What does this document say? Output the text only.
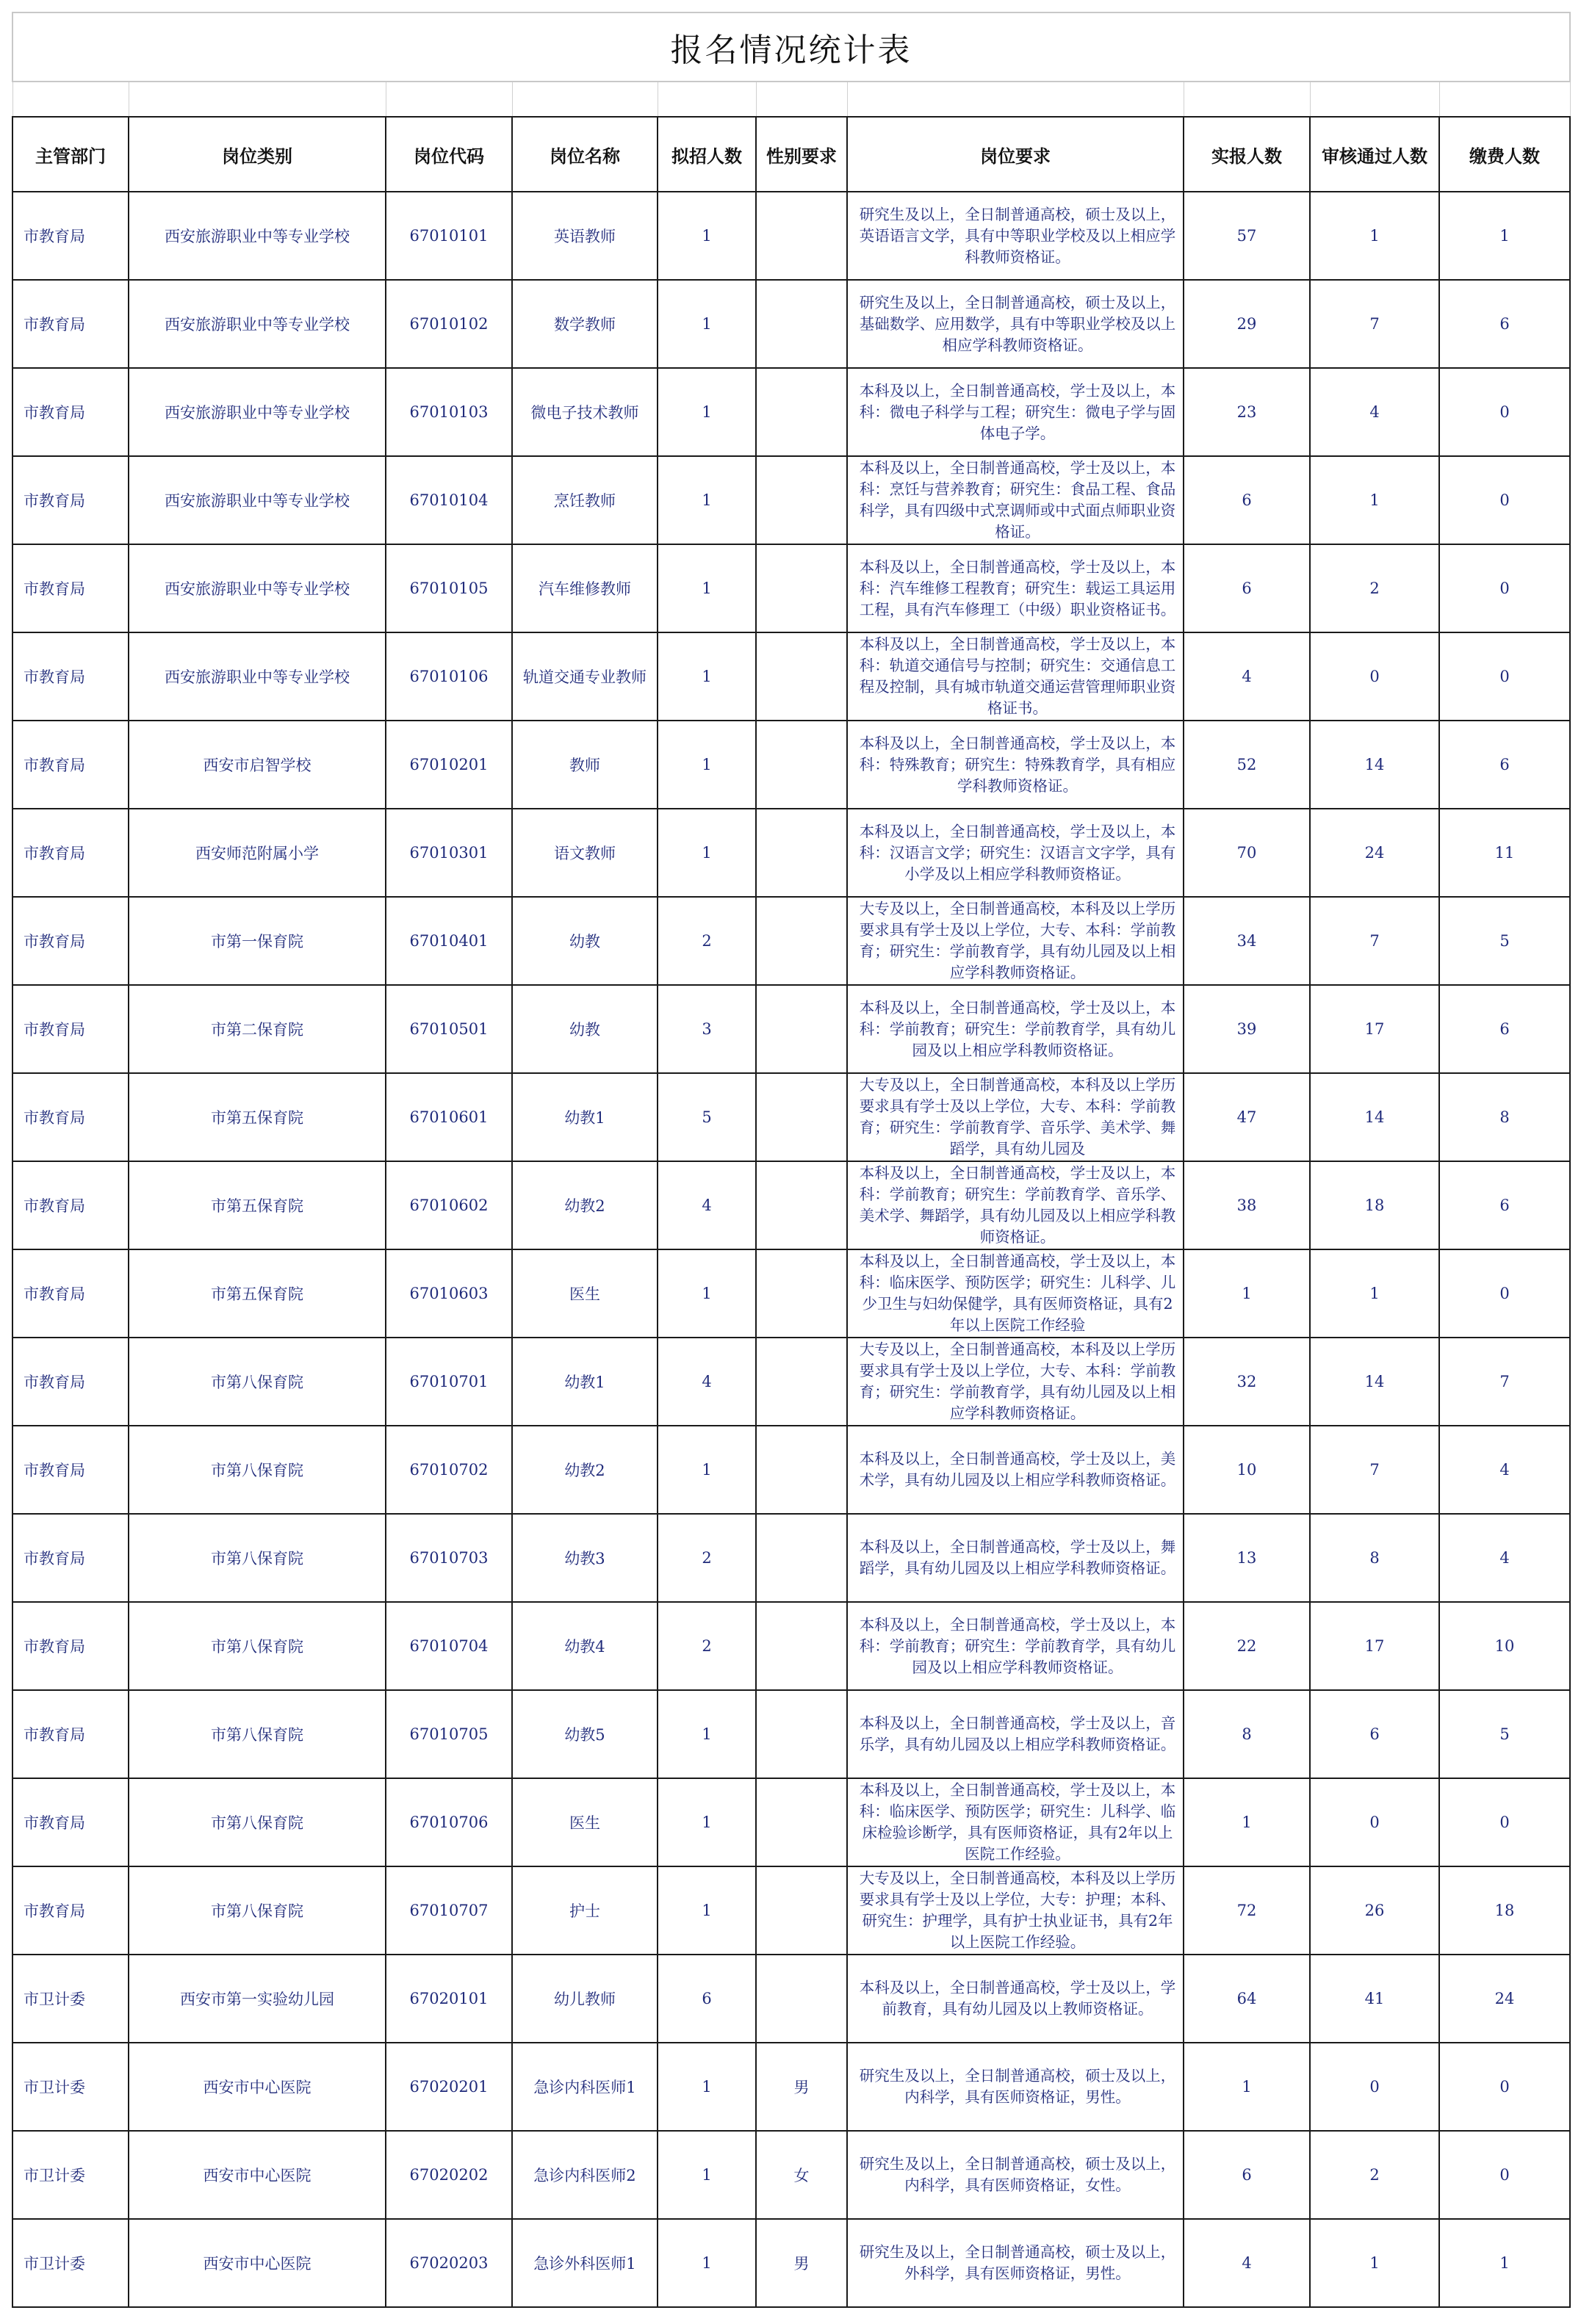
报名情况统计表									

主管部门	岗位类别	岗位代码	岗位名称	拟招人数	性别要求	岗位要求	实报人数	审核通过人数	缴费人数
市教育局	西安旅游职业中等专业学校	67010101	英语教师	1		研究生及以上，全日制普通高校，硕士及以上，英语语言文学，具有中等职业学校及以上相应学科教师资格证。	57	1	1
市教育局	西安旅游职业中等专业学校	67010102	数学教师	1		研究生及以上，全日制普通高校，硕士及以上，基础数学、应用数学，具有中等职业学校及以上相应学科教师资格证。	29	7	6
市教育局	西安旅游职业中等专业学校	67010103	微电子技术教师	1		本科及以上，全日制普通高校，学士及以上，本科：微电子科学与工程；研究生：微电子学与固体电子学。	23	4	0
市教育局	西安旅游职业中等专业学校	67010104	烹饪教师	1		本科及以上，全日制普通高校，学士及以上，本科：烹饪与营养教育；研究生：食品工程、食品科学，具有四级中式烹调师或中式面点师职业资格证。	6	1	0
市教育局	西安旅游职业中等专业学校	67010105	汽车维修教师	1		本科及以上，全日制普通高校，学士及以上，本科：汽车维修工程教育；研究生：载运工具运用工程，具有汽车修理工（中级）职业资格证书。	6	2	0
市教育局	西安旅游职业中等专业学校	67010106	轨道交通专业教师	1		本科及以上，全日制普通高校，学士及以上，本科：轨道交通信号与控制；研究生：交通信息工程及控制，具有城市轨道交通运营管理师职业资格证书。	4	0	0
市教育局	西安市启智学校	67010201	教师	1		本科及以上，全日制普通高校，学士及以上，本科：特殊教育；研究生：特殊教育学，具有相应学科教师资格证。	52	14	6
市教育局	西安师范附属小学	67010301	语文教师	1		本科及以上，全日制普通高校，学士及以上，本科：汉语言文学；研究生：汉语言文字学，具有小学及以上相应学科教师资格证。	70	24	11
市教育局	市第一保育院	67010401	幼教	2		大专及以上，全日制普通高校，本科及以上学历要求具有学士及以上学位，大专、本科：学前教育；研究生：学前教育学，具有幼儿园及以上相应学科教师资格证。	34	7	5
市教育局	市第二保育院	67010501	幼教	3		本科及以上，全日制普通高校，学士及以上，本科：学前教育；研究生：学前教育学，具有幼儿园及以上相应学科教师资格证。	39	17	6
市教育局	市第五保育院	67010601	幼教1	5		大专及以上，全日制普通高校，本科及以上学历要求具有学士及以上学位，大专、本科：学前教育；研究生：学前教育学、音乐学、美术学、舞蹈学，具有幼儿园及	47	14	8
市教育局	市第五保育院	67010602	幼教2	4		本科及以上，全日制普通高校，学士及以上，本科：学前教育；研究生：学前教育学、音乐学、美术学、舞蹈学，具有幼儿园及以上相应学科教师资格证。	38	18	6
市教育局	市第五保育院	67010603	医生	1		本科及以上，全日制普通高校，学士及以上，本科：临床医学、预防医学；研究生：儿科学、儿少卫生与妇幼保健学，具有医师资格证，具有2年以上医院工作经验	1	1	0
市教育局	市第八保育院	67010701	幼教1	4		大专及以上，全日制普通高校，本科及以上学历要求具有学士及以上学位，大专、本科：学前教育；研究生：学前教育学，具有幼儿园及以上相应学科教师资格证。	32	14	7
市教育局	市第八保育院	67010702	幼教2	1		本科及以上，全日制普通高校，学士及以上，美术学，具有幼儿园及以上相应学科教师资格证。	10	7	4
市教育局	市第八保育院	67010703	幼教3	2		本科及以上，全日制普通高校，学士及以上，舞蹈学，具有幼儿园及以上相应学科教师资格证。	13	8	4
市教育局	市第八保育院	67010704	幼教4	2		本科及以上，全日制普通高校，学士及以上，本科：学前教育；研究生：学前教育学，具有幼儿园及以上相应学科教师资格证。	22	17	10
市教育局	市第八保育院	67010705	幼教5	1		本科及以上，全日制普通高校，学士及以上，音乐学，具有幼儿园及以上相应学科教师资格证。	8	6	5
市教育局	市第八保育院	67010706	医生	1		本科及以上，全日制普通高校，学士及以上，本科：临床医学、预防医学；研究生：儿科学、临床检验诊断学，具有医师资格证，具有2年以上医院工作经验。	1	0	0
市教育局	市第八保育院	67010707	护士	1		大专及以上，全日制普通高校，本科及以上学历要求具有学士及以上学位，大专：护理；本科、研究生：护理学，具有护士执业证书，具有2年以上医院工作经验。	72	26	18
市卫计委	西安市第一实验幼儿园	67020101	幼儿教师	6		本科及以上，全日制普通高校，学士及以上，学前教育，具有幼儿园及以上教师资格证。	64	41	24
市卫计委	西安市中心医院	67020201	急诊内科医师1	1	男	研究生及以上，全日制普通高校，硕士及以上，内科学，具有医师资格证，男性。	1	0	0
市卫计委	西安市中心医院	67020202	急诊内科医师2	1	女	研究生及以上，全日制普通高校，硕士及以上，内科学，具有医师资格证，女性。	6	2	0
市卫计委	西安市中心医院	67020203	急诊外科医师1	1	男	研究生及以上，全日制普通高校，硕士及以上，外科学，具有医师资格证，男性。	4	1	1
